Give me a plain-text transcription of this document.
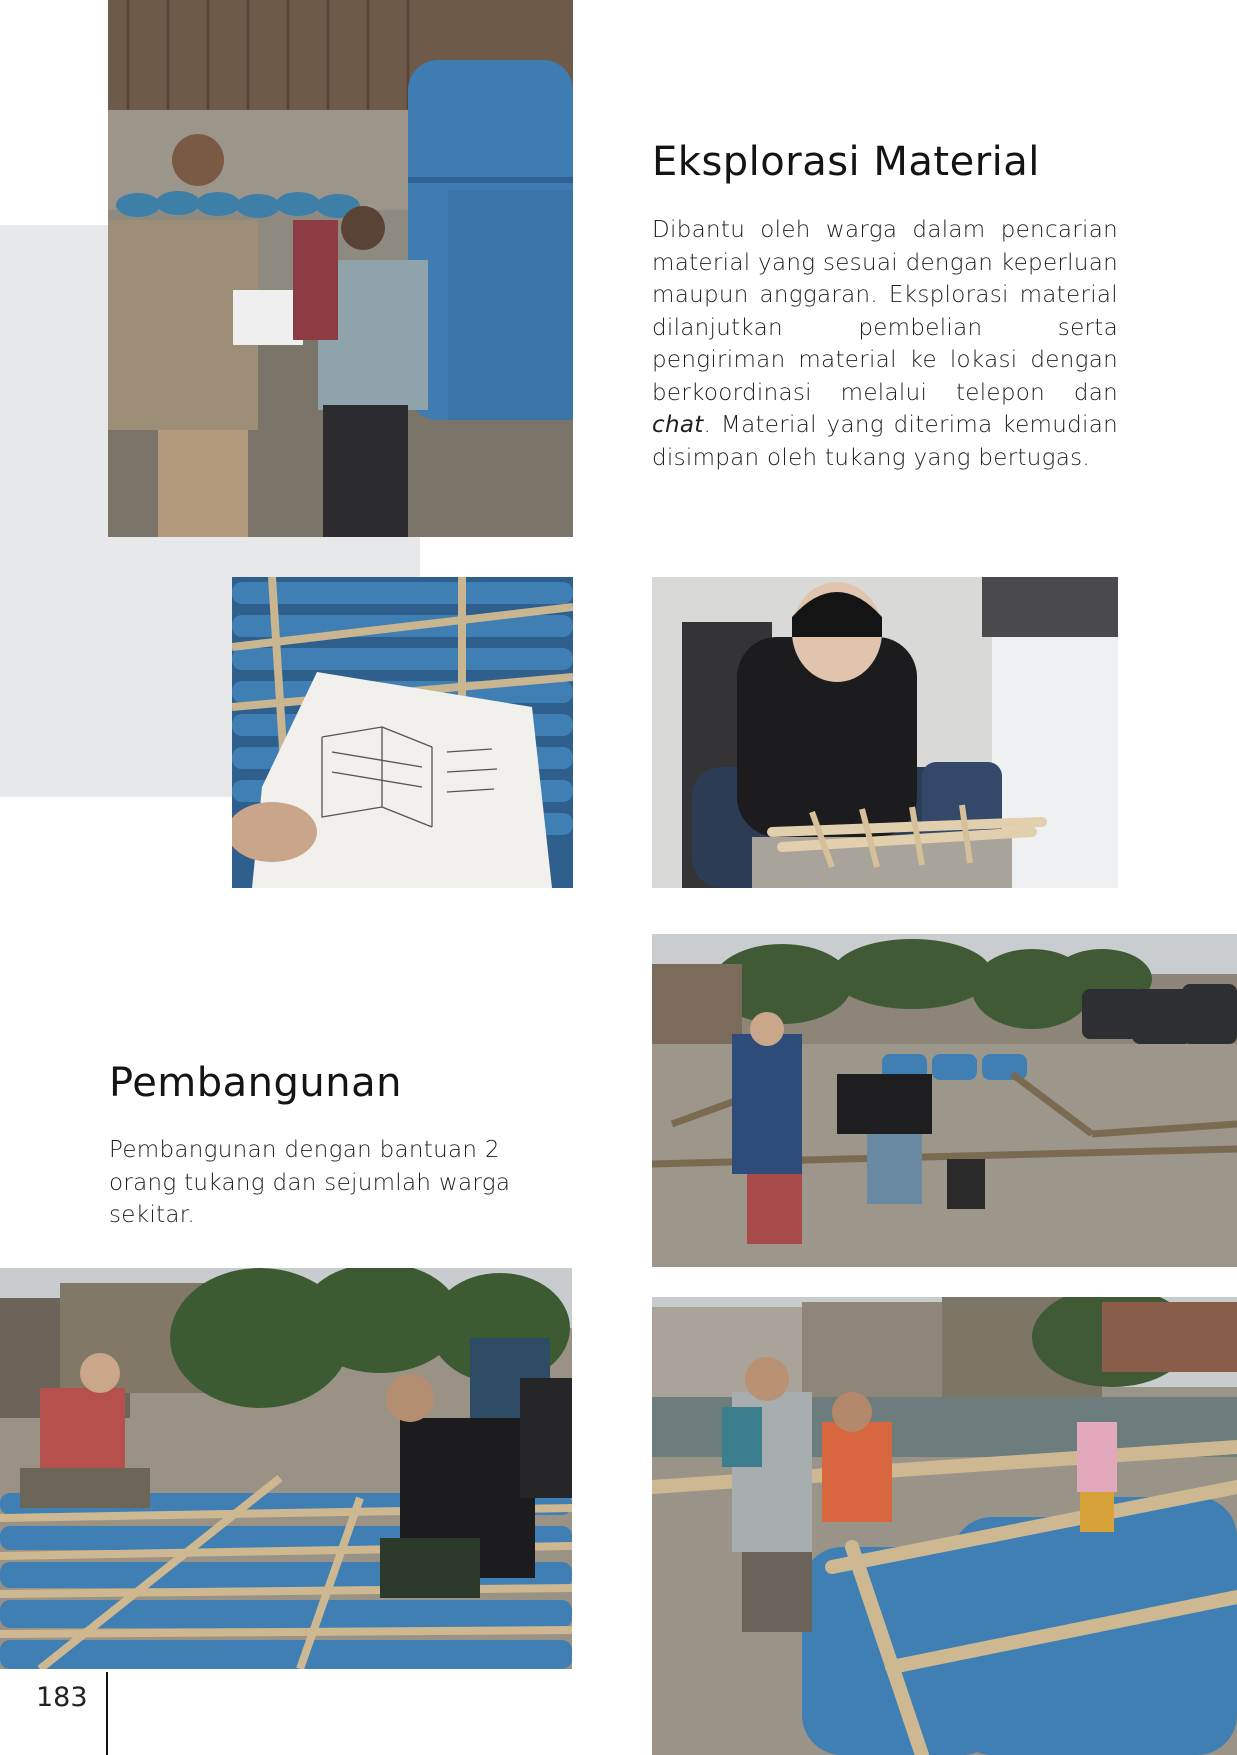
Eksplorasi Material

Dibantu oleh warga dalam pencarian material yang sesuai dengan keperluan maupun anggaran. Eksplorasi material dilanjutkan pembelian serta pengiriman material ke lokasi dengan berkoordinasi melalui telepon dan chat. Material yang diterima kemudian disimpan oleh tukang yang bertugas.

Pembangunan

Pembangunan dengan bantuan 2 orang tukang dan sejumlah warga sekitar.

183
